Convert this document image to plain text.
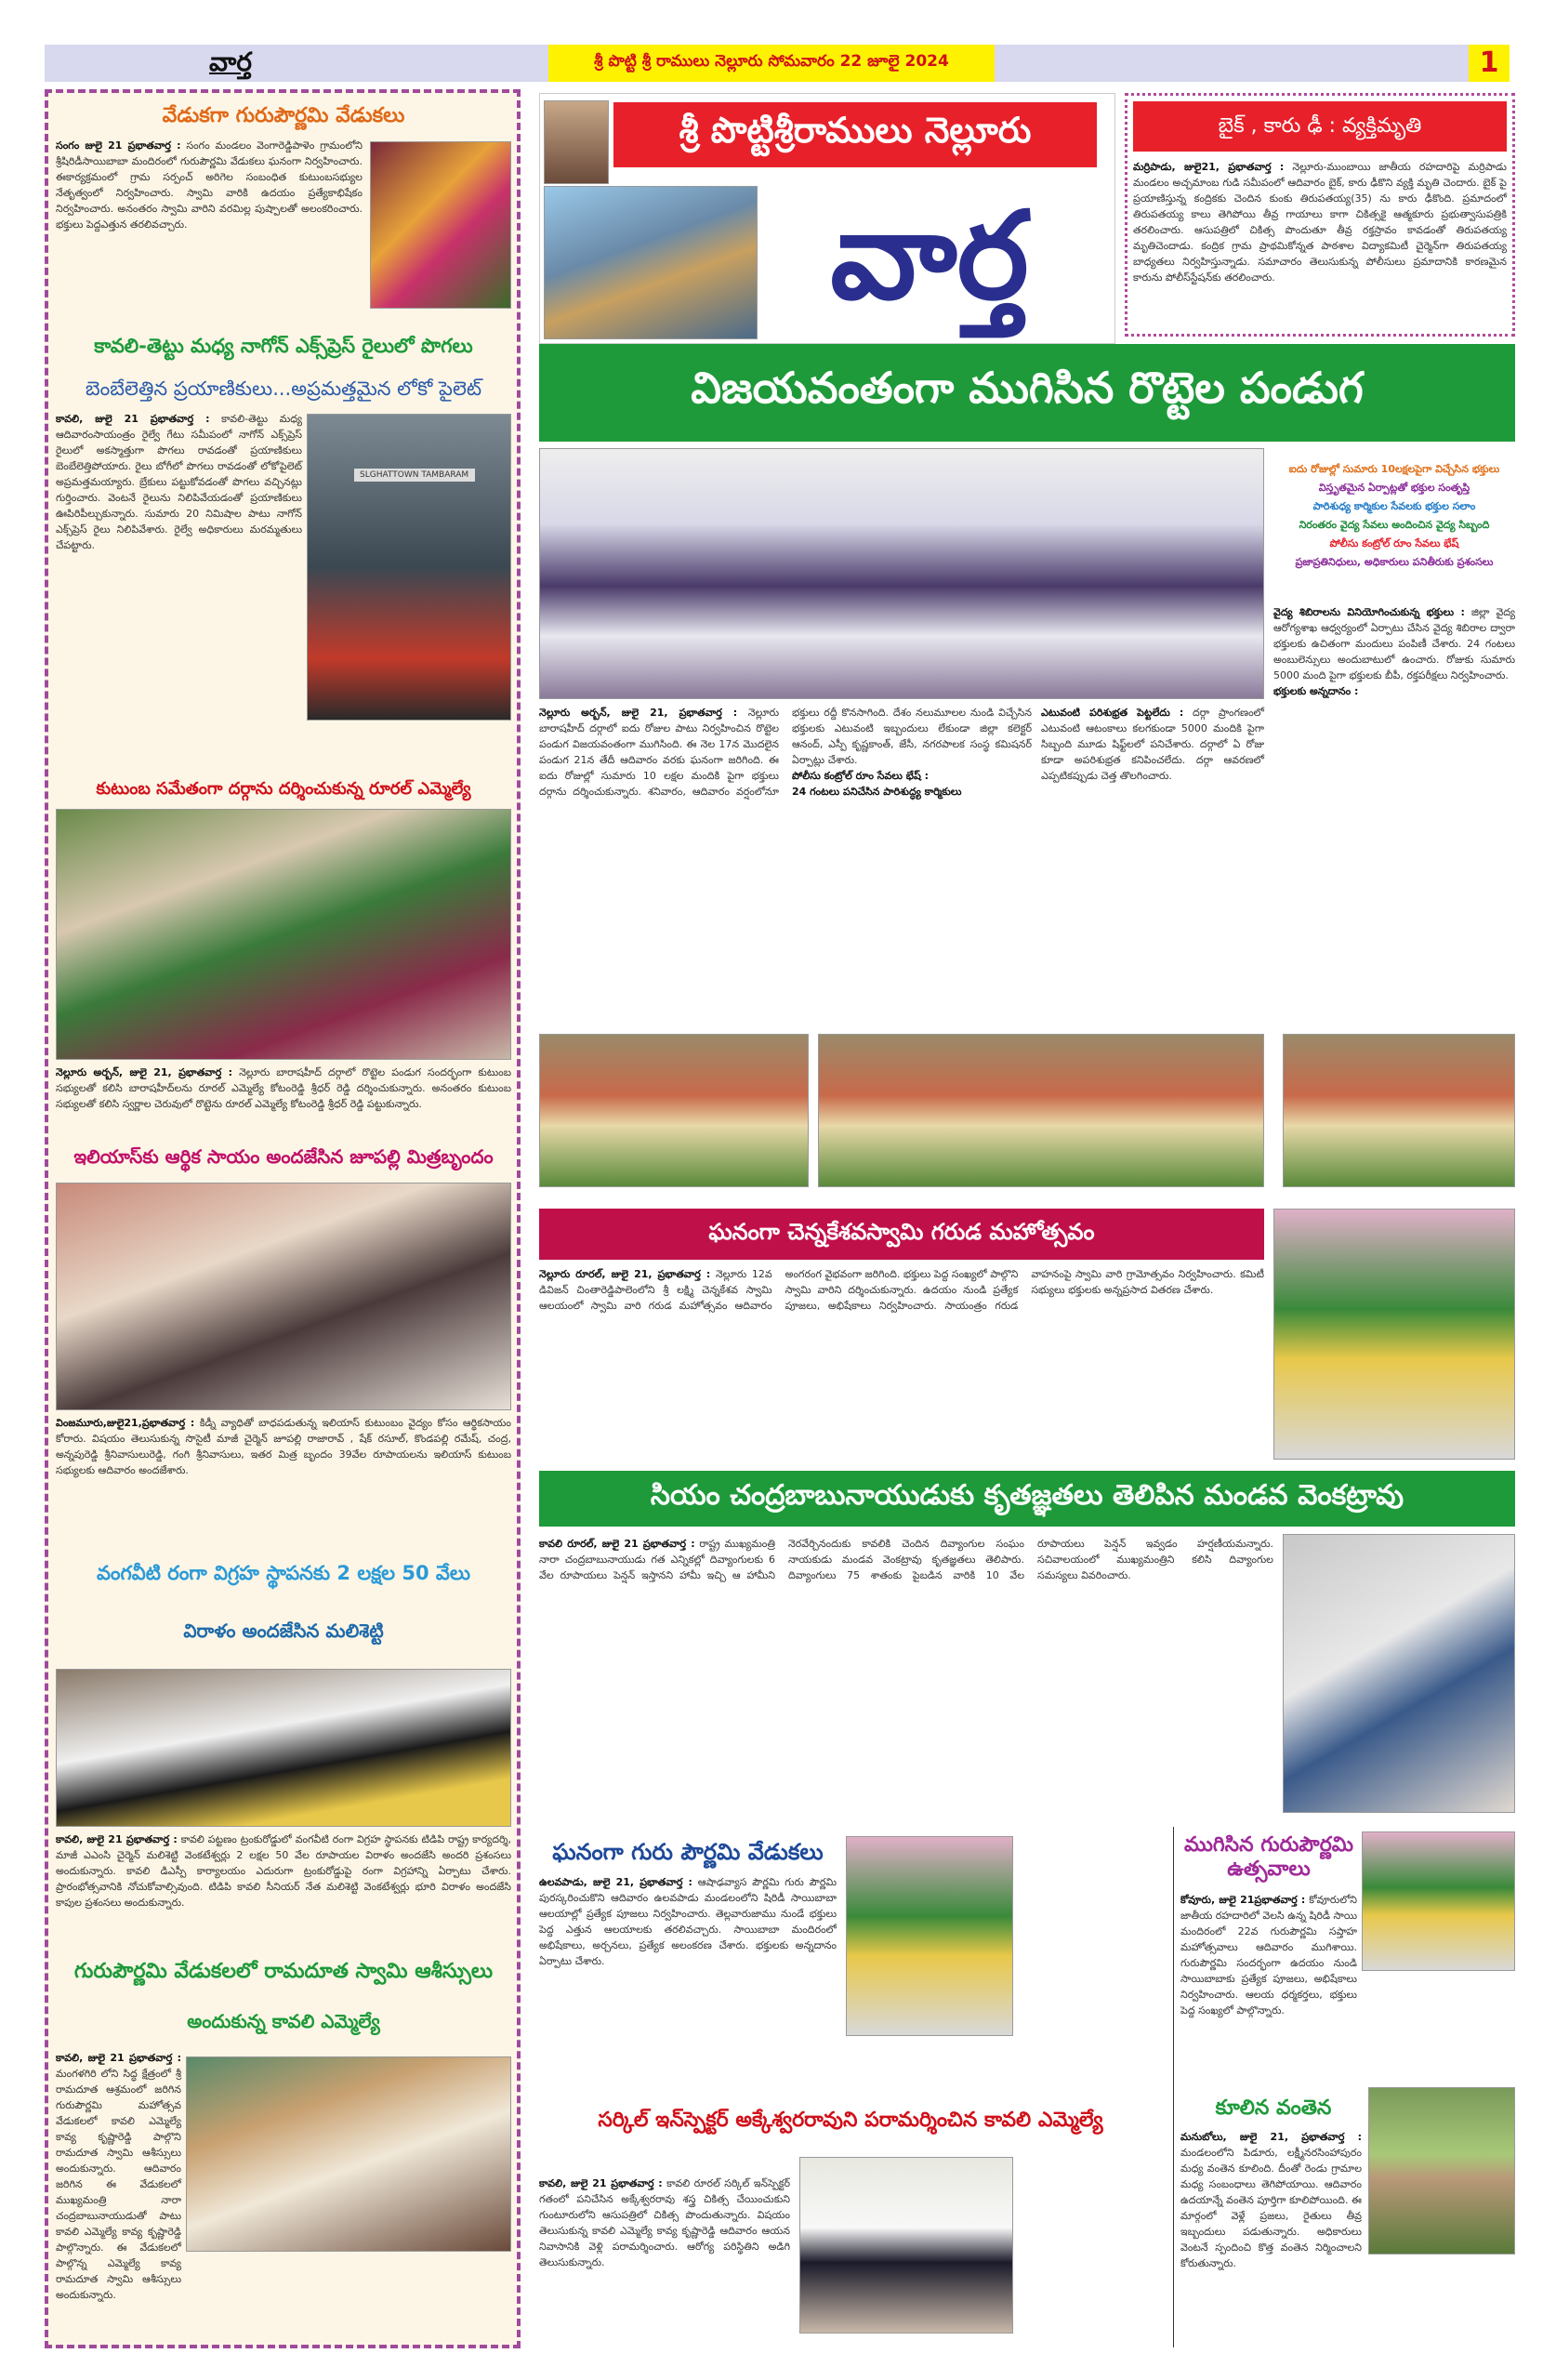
వార్త	శ్రీ పొట్టి శ్రీ రాములు నెల్లూరు సోమవారం 22 జూలై 2024	1
వేడుకగా గురుపౌర్ణమి వేడుకలు
సంగం జులై 21 ప్రభాతవార్త : సంగం మండలం వెంగారెడ్డిపాళెం గ్రామంలోని శ్రీషిరిడీసాయిబాబా మందిరంలో గురుపౌర్ణమి వేడుకలు ఘనంగా నిర్వహించారు. ఈకార్యక్రమంలో గ్రామ సర్పంచ్ అరిగెల సంబంధిత కుటుంబసభ్యుల నేతృత్వంలో నిర్వహించారు. స్వామి వారికి ఉదయం ప్రత్యేకాభిషేకం నిర్వహించారు. అనంతరం స్వామి వారిని వరమిల్ల పుష్పాలతో అలంకరించారు. భక్తులు పెద్దఎత్తున తరలివచ్చారు.
కావలి-తెట్టు మధ్య నాగోన్ ఎక్స్‌ప్రెస్ రైలులో పొగలు
బెంబేలెత్తిన ప్రయాణికులు...అప్రమత్తమైన లోకో పైలెట్
కావలి, జులై 21 ప్రభాతవార్త : కావలి-తెట్టు మధ్య ఆదివారంసాయంత్రం రైల్వే గేటు సమీపంలో నాగోన్ ఎక్స్‌ప్రెస్ రైలులో అకస్మాత్తుగా పొగలు రావడంతో ప్రయాణికులు బెంబేలెత్తిపోయారు. రైలు బోగీలో పొగలు రావడంతో లోకోపైలెట్ అప్రమత్తమయ్యారు. బ్రేకులు పట్టుకోవడంతో పొగలు వచ్చినట్లు గుర్తించారు. వెంటనే రైలును నిలిపివేయడంతో ప్రయాణికులు ఊపిరిపీల్చుకున్నారు. సుమారు 20 నిమిషాల పాటు నాగోన్ ఎక్స్‌ప్రెస్ రైలు నిలిపివేశారు. రైల్వే అధికారులు మరమ్మతులు చేపట్టారు.
SLGHATTOWN TAMBARAM
కుటుంబ సమేతంగా దర్గాను దర్శించుకున్న రూరల్ ఎమ్మెల్యే
నెల్లూరు అర్బన్, జులై 21, ప్రభాతవార్త : నెల్లూరు బారాషహీద్ దర్గాలో రొట్టెల పండుగ సందర్భంగా కుటుంబ సభ్యులతో కలిసి బారాషహీద్‌లను రూరల్ ఎమ్మెల్యే కోటంరెడ్డి శ్రీధర్ రెడ్డి దర్శించుకున్నారు. అనంతరం కుటుంబ సభ్యులతో కలిసి స్వర్ణాల చెరువులో రొట్టెను రూరల్ ఎమ్మెల్యే కోటంరెడ్డి శ్రీధర్ రెడ్డి పట్టుకున్నారు.
ఇలియాస్‌కు ఆర్థిక సాయం అందజేసిన జూపల్లి మిత్రబృందం
వింజమూరు,జులై21,ప్రభాతవార్త : కిడ్నీ వ్యాధితో బాధపడుతున్న ఇలియాస్ కుటుంబం వైద్యం కోసం ఆర్థికసాయం కోరారు. విషయం తెలుసుకున్న సొసైటీ మాజీ చైర్మెన్ జూపల్లి రాజారావ్ , షేక్ రసూల్, కొండపల్లి రమేష్, చంద్ర, అన్నపురెడ్డి శ్రీనివాసులురెడ్డి, గంగి శ్రీనివాసులు, ఇతర మిత్ర బృందం 39వేల రూపాయలను ఇలియాస్ కుటుంబ సభ్యులకు ఆదివారం అందజేశారు.
వంగవీటి రంగా విగ్రహ స్థాపనకు 2 లక్షల 50 వేలు
విరాళం అందజేసిన మలిశెట్టి
కావలి, జులై 21 ప్రభాతవార్త : కావలి పట్టణం ట్రంకురోడ్డులో వంగవీటి రంగా విగ్రహ స్థాపనకు టిడిపి రాష్ట్ర కార్యదర్శి, మాజీ ఎఎంసి చైర్మెన్ మలిశెట్టి వెంకటేశ్వర్లు 2 లక్షల 50 వేల రూపాయల విరాళం అందజేసి అందరి ప్రశంసలు అందుకున్నారు. కావలి డిఎస్పీ కార్యాలయం ఎదురుగా ట్రంకురోడ్డుపై రంగా విగ్రహాన్ని ఏర్పాటు చేశారు. ప్రారంభోత్సవానికి నోచుకోవాల్సివుంది. టిడిపి కావలి సీనియర్ నేత మలిశెట్టి వెంకటేశ్వర్లు భూరి విరాళం అందజేసి కాపుల ప్రశంసలు అందుకున్నారు.
గురుపౌర్ణమి వేడుకలలో రామదూత స్వామి ఆశీస్సులు
అందుకున్న కావలి ఎమ్మెల్యే
కావలి, జులై 21 ప్రభాతవార్త : మంగళగిరి లోని సిద్ధ క్షేత్రంలో శ్రీ రామదూత ఆశ్రమంలో జరిగిన గురుపౌర్ణమి మహోత్సవ వేడుకలలో కావలి ఎమ్మెల్యే కావ్య కృష్ణారెడ్డి పాల్గొని రామదూత స్వామి ఆశీస్సులు అందుకున్నారు. ఆదివారం జరిగిన ఈ వేడుకలలో ముఖ్యమంత్రి నారా చంద్రబాబునాయుడుతో పాటు కావలి ఎమ్మెల్యే కావ్య కృష్ణారెడ్డి పాల్గొన్నారు. ఈ వేడుకలలో పాల్గొన్న ఎమ్మెల్యే కావ్య రామదూత స్వామి ఆశీస్సులు అందుకున్నారు.
శ్రీ పొట్టిశ్రీరాములు నెల్లూరు
వార్త
బైక్ , కారు ఢీ : వ్యక్తిమృతి
మర్రిపాడు, జులై21, ప్రభాతవార్త : నెల్లూరు-ముంబాయి జాతీయ రహదారిపై మర్రిపాడు మండలం అచ్చమాంబ గుడి సమీపంలో ఆదివారం బైక్, కారు ఢీకొని వ్యక్తి మృతి చెందారు. బైక్ పై ప్రయాణిస్తున్న కంద్రికకు చెందిన కుంకు తిరుపతయ్య(35) ను కారు ఢీకొంది. ప్రమాదంలో తిరుపతయ్య కాలు తెగిపోయి తీవ్ర గాయాలు కాగా చికిత్సకై ఆత్మకూరు ప్రభుత్వాసుపత్రికి తరలించారు. ఆసుపత్రిలో చికిత్స పొందుతూ తీవ్ర రక్తస్రావం కావడంతో తిరుపతయ్య మృతిచెందాడు. కంద్రిక గ్రామ ప్రాథమికోన్నత పాఠశాల విద్యాకమిటీ చైర్మెన్‌గా తిరుపతయ్య బాధ్యతలు నిర్వహిస్తున్నాడు. సమాచారం తెలుసుకున్న పోలీసులు ప్రమాదానికి కారణమైన కారును పోలీస్‌స్టేషన్‌కు తరలించారు.
విజయవంతంగా ముగిసిన రొట్టెల పండుగ
ఐదు రోజుల్లో సుమారు 10లక్షలపైగా విచ్చేసిన భక్తులు
విస్తృతమైన ఏర్పాట్లతో భక్తుల సంతృప్తి
పారిశుధ్య కార్మికుల సేవలకు భక్తుల సలాం
నిరంతరం వైద్య సేవలు అందించిన వైద్య సిబ్బంది
పోలీసు కంట్రోల్ రూం సేవలు భేష్
ప్రజాప్రతినిధులు, అధికారులు పనితీరుకు ప్రశంసలు
వైద్య శిబిరాలను వినియోగించుకున్న భక్తులు : జిల్లా వైద్య ఆరోగ్యశాఖ ఆధ్వర్యంలో ఏర్పాటు చేసిన వైద్య శిబిరాల ద్వారా భక్తులకు ఉచితంగా మందులు పంపిణీ చేశారు. 24 గంటలు అంబులెన్సులు అందుబాటులో ఉంచారు. రోజుకు సుమారు 5000 మంది పైగా భక్తులకు బీపీ, రక్తపరీక్షలు నిర్వహించారు.
భక్తులకు అన్నదానం :
నెల్లూరు అర్బన్, జులై 21, ప్రభాతవార్త : నెల్లూరు బారాషహీద్ దర్గాలో ఐదు రోజుల పాటు నిర్వహించిన రొట్టెల పండుగ విజయవంతంగా ముగిసింది. ఈ నెల 17న మొదలైన పండుగ 21న తేదీ ఆదివారం వరకు ఘనంగా జరిగింది. ఈ ఐదు రోజుల్లో సుమారు 10 లక్షల మందికి పైగా భక్తులు దర్గాను దర్శించుకున్నారు. శనివారం, ఆదివారం వర్షంలోనూ భక్తులు రద్దీ కొనసాగింది. దేశం నలుమూలల నుండి విచ్చేసిన భక్తులకు ఎటువంటి ఇబ్బందులు లేకుండా జిల్లా కలెక్టర్ ఆనంద్, ఎస్పీ కృష్ణకాంత్, జేసీ, నగరపాలక సంస్థ కమిషనర్ ఏర్పాట్లు చేశారు.
పోలీసు కంట్రోల్ రూం సేవలు భేష్ :
24 గంటలు పనిచేసిన పారిశుద్ధ్య కార్మికులు
ఎటువంటి పరిశుభ్రత పెట్టలేదు : దర్గా ప్రాంగణంలో ఎటువంటి ఆటంకాలు కలగకుండా 5000 మందికి పైగా సిబ్బంది మూడు షిఫ్ట్‌లలో పనిచేశారు. దర్గాలో ఏ రోజు కూడా అపరిశుభ్రత కనిపించలేదు. దర్గా ఆవరణలో ఎప్పటికప్పుడు చెత్త తొలగించారు.
ఘనంగా చెన్నకేశవస్వామి గరుడ మహోత్సవం
నెల్లూరు రూరల్, జులై 21, ప్రభాతవార్త : నెల్లూరు 12వ డివిజన్ చింతారెడ్డిపాలెంలోని శ్రీ లక్ష్మి చెన్నకేశవ స్వామి ఆలయంలో స్వామి వారి గరుడ మహోత్సవం ఆదివారం అంగరంగ వైభవంగా జరిగింది. భక్తులు పెద్ద సంఖ్యలో పాల్గొని స్వామి వారిని దర్శించుకున్నారు. ఉదయం నుండి ప్రత్యేక పూజలు, అభిషేకాలు నిర్వహించారు. సాయంత్రం గరుడ వాహనంపై స్వామి వారి గ్రామోత్సవం నిర్వహించారు. కమిటీ సభ్యులు భక్తులకు అన్నప్రసాద వితరణ చేశారు.
సియం చంద్రబాబునాయుడుకు కృతజ్ఞతలు తెలిపిన మండవ వెంకట్రావు
కావలి రూరల్, జులై 21 ప్రభాతవార్త : రాష్ట్ర ముఖ్యమంత్రి నారా చంద్రబాబునాయుడు గత ఎన్నికల్లో దివ్యాంగులకు 6 వేల రూపాయలు పెన్షన్ ఇస్తానని హామీ ఇచ్చి ఆ హామీని నెరవేర్చినందుకు కావలికి చెందిన దివ్యాంగుల సంఘం నాయకుడు మండవ వెంకట్రావు కృతజ్ఞతలు తెలిపారు. దివ్యాంగులు 75 శాతంకు పైబడిన వారికి 10 వేల రూపాయలు పెన్షన్ ఇవ్వడం హర్షణీయమన్నారు. సచివాలయంలో ముఖ్యమంత్రిని కలిసి దివ్యాంగుల సమస్యలు వివరించారు.
ఘనంగా గురు పౌర్ణమి వేడుకలు
ఉలవపాడు, జులై 21, ప్రభాతవార్త : ఆషాఢవ్యాస పౌర్ణమి గురు పౌర్ణమి పురస్కరించుకొని ఆదివారం ఉలవపాడు మండలంలోని షిరిడీ సాయిబాబా ఆలయాల్లో ప్రత్యేక పూజలు నిర్వహించారు. తెల్లవారుజాము నుండే భక్తులు పెద్ద ఎత్తున ఆలయాలకు తరలివచ్చారు. సాయిబాబా మందిరంలో అభిషేకాలు, అర్చనలు, ప్రత్యేక అలంకరణ చేశారు. భక్తులకు అన్నదానం ఏర్పాటు చేశారు.
ముగిసిన గురుపౌర్ణమి ఉత్సవాలు
కోవూరు, జులై 21ప్రభాతవార్త : కోవూరులోని జాతీయ రహదారిలో వెలసి ఉన్న షిరిడీ సాయి మందిరంలో 22వ గురుపౌర్ణమి సప్తాహ మహోత్సవాలు ఆదివారం ముగిశాయి. గురుపౌర్ణమి సందర్భంగా ఉదయం నుండి సాయిబాబాకు ప్రత్యేక పూజలు, అభిషేకాలు నిర్వహించారు. ఆలయ ధర్మకర్తలు, భక్తులు పెద్ద సంఖ్యలో పాల్గొన్నారు.
సర్కిల్ ఇన్‌స్పెక్టర్ అక్కేశ్వరరావుని పరామర్శించిన కావలి ఎమ్మెల్యే
కావలి, జులై 21 ప్రభాతవార్త : కావలి రూరల్ సర్కిల్ ఇన్‌స్పెక్టర్ గతంలో పనిచేసిన అక్కేశ్వరరావు శస్త్ర చికిత్స చేయించుకుని గుంటూరులోని ఆసుపత్రిలో చికిత్స పొందుతున్నారు. విషయం తెలుసుకున్న కావలి ఎమ్మెల్యే కావ్య కృష్ణారెడ్డి ఆదివారం ఆయన నివాసానికి వెళ్లి పరామర్శించారు. ఆరోగ్య పరిస్థితిని అడిగి తెలుసుకున్నారు.
కూలిన వంతెన
మనుబోలు, జులై 21, ప్రభాతవార్త : మండలంలోని పిడూరు, లక్ష్మీనరసింహాపురం మధ్య వంతెన కూలింది. దీంతో రెండు గ్రామాల మధ్య సంబంధాలు తెగిపోయాయి. ఆదివారం ఉదయాన్నే వంతెన పూర్తిగా కూలిపోయింది. ఈ మార్గంలో వెళ్లే ప్రజలు, రైతులు తీవ్ర ఇబ్బందులు పడుతున్నారు. అధికారులు వెంటనే స్పందించి కొత్త వంతెన నిర్మించాలని కోరుతున్నారు.
